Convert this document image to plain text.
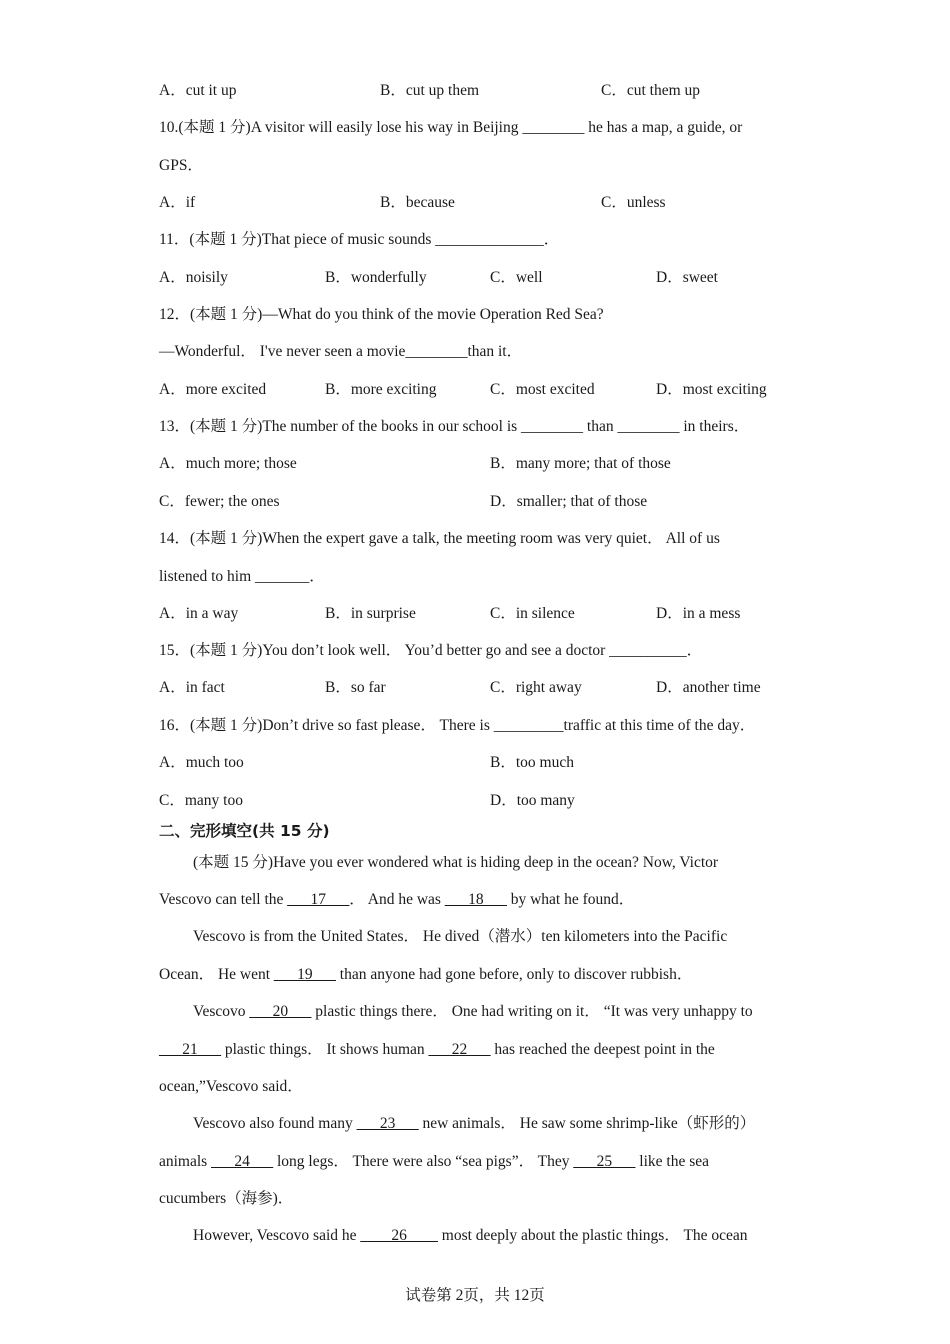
A．cut it up	B．cut up them	C．cut them up
10.(本题 1 分)A visitor will easily lose his way in Beijing ________ he has a map, a guide, or
GPS．
A．if	B．because	C．unless
11．(本题 1 分)That piece of music sounds ______________．
A．noisily	B．wonderfully	C．well	D．sweet
12．(本题 1 分)—What do you think of the movie Operation Red Sea?
—Wonderful． I've never seen a movie________than it．
A．more excited	B．more exciting	C．most excited	D．most exciting
13．(本题 1 分)The number of the books in our school is ________ than ________ in theirs．
A．much more; those	B．many more; that of those
C．fewer; the ones	D．smaller; that of those
14．(本题 1 分)When the expert gave a talk, the meeting room was very quiet． All of us
listened to him _______．
A．in a way	B．in surprise	C．in silence	D．in a mess
15．(本题 1 分)You don’t look well． You’d better go and see a doctor __________．
A．in fact	B．so far	C．right away	D．another time
16．(本题 1 分)Don’t drive so fast please． There is _________traffic at this time of the day．
A．much too	B．too much
C．many too	D．too many
二、完形填空(共 15 分)
(本题 15 分)Have you ever wondered what is hiding deep in the ocean? Now, Victor
Vescovo can tell the ___17___． And he was ___18___ by what he found．
Vescovo is from the United States． He dived（潜水）ten kilometers into the Pacific
Ocean． He went ___19___ than anyone had gone before, only to discover rubbish．
Vescovo ___20___ plastic things there． One had writing on it． “It was very unhappy to
___21___ plastic things． It shows human ___22___ has reached the deepest point in the
ocean,”Vescovo said．
Vescovo also found many ___23___ new animals． He saw some shrimp-like（虾形的）
animals ___24___ long legs． There were also “sea pigs”． They ___25___ like the sea
cucumbers（海参)．
However, Vescovo said he ____26____ most deeply about the plastic things． The ocean
试卷第 2页，共 12页
